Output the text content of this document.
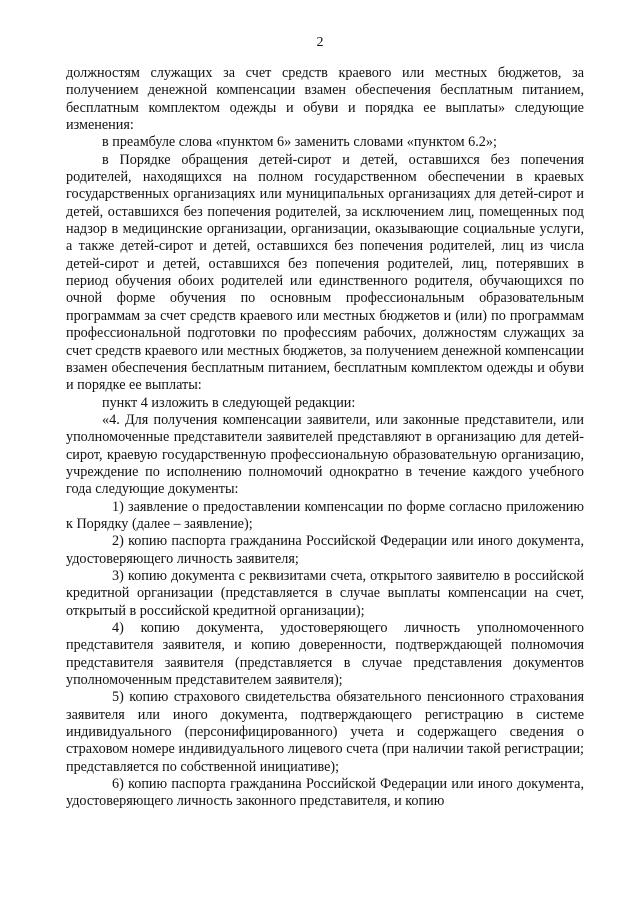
2

должностям служащих за счет средств краевого или местных бюджетов, за получением денежной компенсации взамен обеспечения бесплатным питанием, бесплатным комплектом одежды и обуви и порядка ее выплаты» следующие изменения:

в преамбуле слова «пунктом 6» заменить словами «пунктом 6.2»;

в Порядке обращения детей-сирот и детей, оставшихся без попечения родителей, находящихся на полном государственном обеспечении в краевых государственных организациях или муниципальных организациях для детей-сирот и детей, оставшихся без попечения родителей, за исключением лиц, помещенных под надзор в медицинские организации, организации, оказывающие социальные услуги, а также детей-сирот и детей, оставшихся без попечения родителей, лиц из числа детей-сирот и детей, оставшихся без попечения родителей, лиц, потерявших в период обучения обоих родителей или единственного родителя, обучающихся по очной форме обучения по основным профессиональным образовательным программам за счет средств краевого или местных бюджетов и (или) по программам профессиональной подготовки по профессиям рабочих, должностям служащих за счет средств краевого или местных бюджетов, за получением денежной компенсации взамен обеспечения бесплатным питанием, бесплатным комплектом одежды и обуви и порядке ее выплаты:

пункт 4 изложить в следующей редакции:

«4. Для получения компенсации заявители, или законные представители, или уполномоченные представители заявителей представляют в организацию для детей-сирот, краевую государственную профессиональную образовательную организацию, учреждение по исполнению полномочий однократно в течение каждого учебного года следующие документы:

1) заявление о предоставлении компенсации по форме согласно приложению к Порядку (далее – заявление);

2) копию паспорта гражданина Российской Федерации или иного документа, удостоверяющего личность заявителя;

3) копию документа с реквизитами счета, открытого заявителю в российской кредитной организации (представляется в случае выплаты компенсации на счет, открытый в российской кредитной организации);

4) копию документа, удостоверяющего личность уполномоченного представителя заявителя, и копию доверенности, подтверждающей полномочия представителя заявителя (представляется в случае представления документов уполномоченным представителем заявителя);

5) копию страхового свидетельства обязательного пенсионного страхования заявителя или иного документа, подтверждающего регистрацию в системе индивидуального (персонифицированного) учета и содержащего сведения о страховом номере индивидуального лицевого счета (при наличии такой регистрации; представляется по собственной инициативе);

6) копию паспорта гражданина Российской Федерации или иного документа, удостоверяющего личность законного представителя, и копию
